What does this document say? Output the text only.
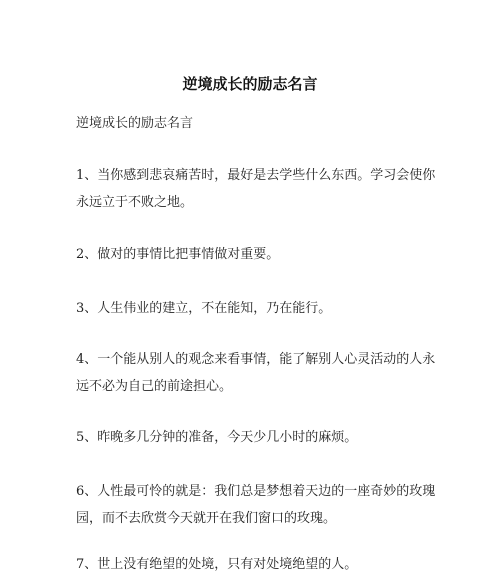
逆境成长的励志名言
逆境成长的励志名言
1、当你感到悲哀痛苦时，最好是去学些什么东西。学习会使你
永远立于不败之地。
2、做对的事情比把事情做对重要。
3、人生伟业的建立，不在能知，乃在能行。
4、一个能从别人的观念来看事情，能了解别人心灵活动的人永
远不必为自己的前途担心。
5、昨晚多几分钟的准备，今天少几小时的麻烦。
6、人性最可怜的就是：我们总是梦想着天边的一座奇妙的玫瑰
园，而不去欣赏今天就开在我们窗口的玫瑰。
7、世上没有绝望的处境，只有对处境绝望的人。
